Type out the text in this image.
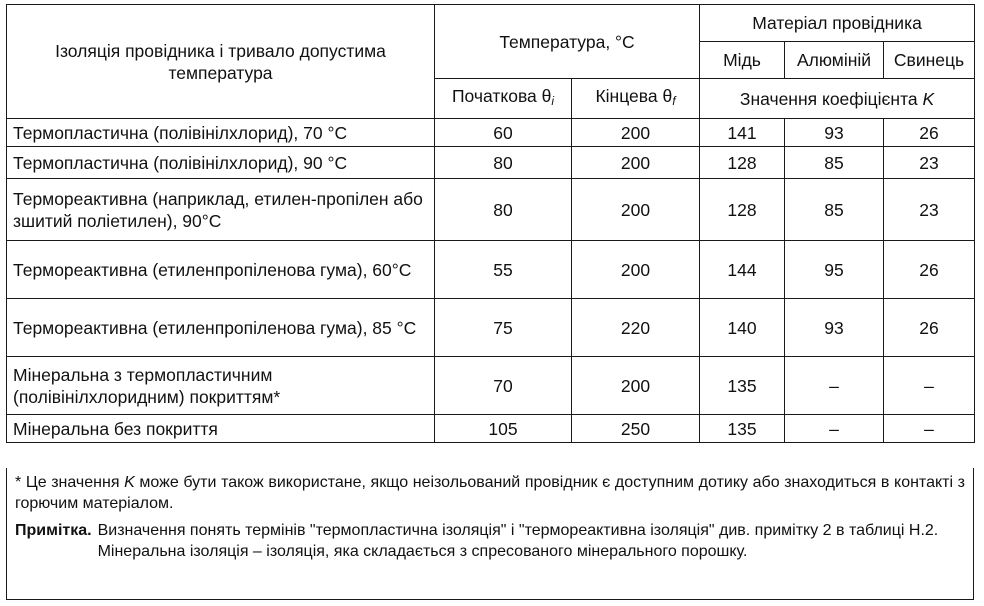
Ізоляція провідника і тривало допустима температура	Температура, °C		Матеріал провідника		
			Мідь	Алюміній	Свинець
	Початкова $\theta_i$	Кінцева $\theta_f$	Значення коефіцієнта K		
Термопластична (полівінілхлорид), 70 °C	60	200	141	93	26
Термопластична (полівінілхлорид), 90 °C	80	200	128	85	23
Термореактивна (наприклад, етилен-пропілен або зшитий поліетилен), 90°C	80	200	128	85	23
Термореактивна (етиленпропіленова гума), 60°C	55	200	144	95	26
Термореактивна (етиленпропіленова гума), 85 °C	75	220	140	93	26
Мінеральна з термопластичним (полівінілхлоридним) покриттям*	70	200	135	–	–
Мінеральна без покриття	105	250	135	–	–
* Це значення K може бути також використане, якщо неізольований провідник є доступним дотику або знаходиться в контакті з горючим матеріалом.
Примітка. Визначення понять термінів "термопластична ізоляція" і "термореактивна ізоляція" див. примітку 2 в таблиці Н.2.
Мінеральна ізоляція – ізоляція, яка складається з спресованого мінерального порошку.
